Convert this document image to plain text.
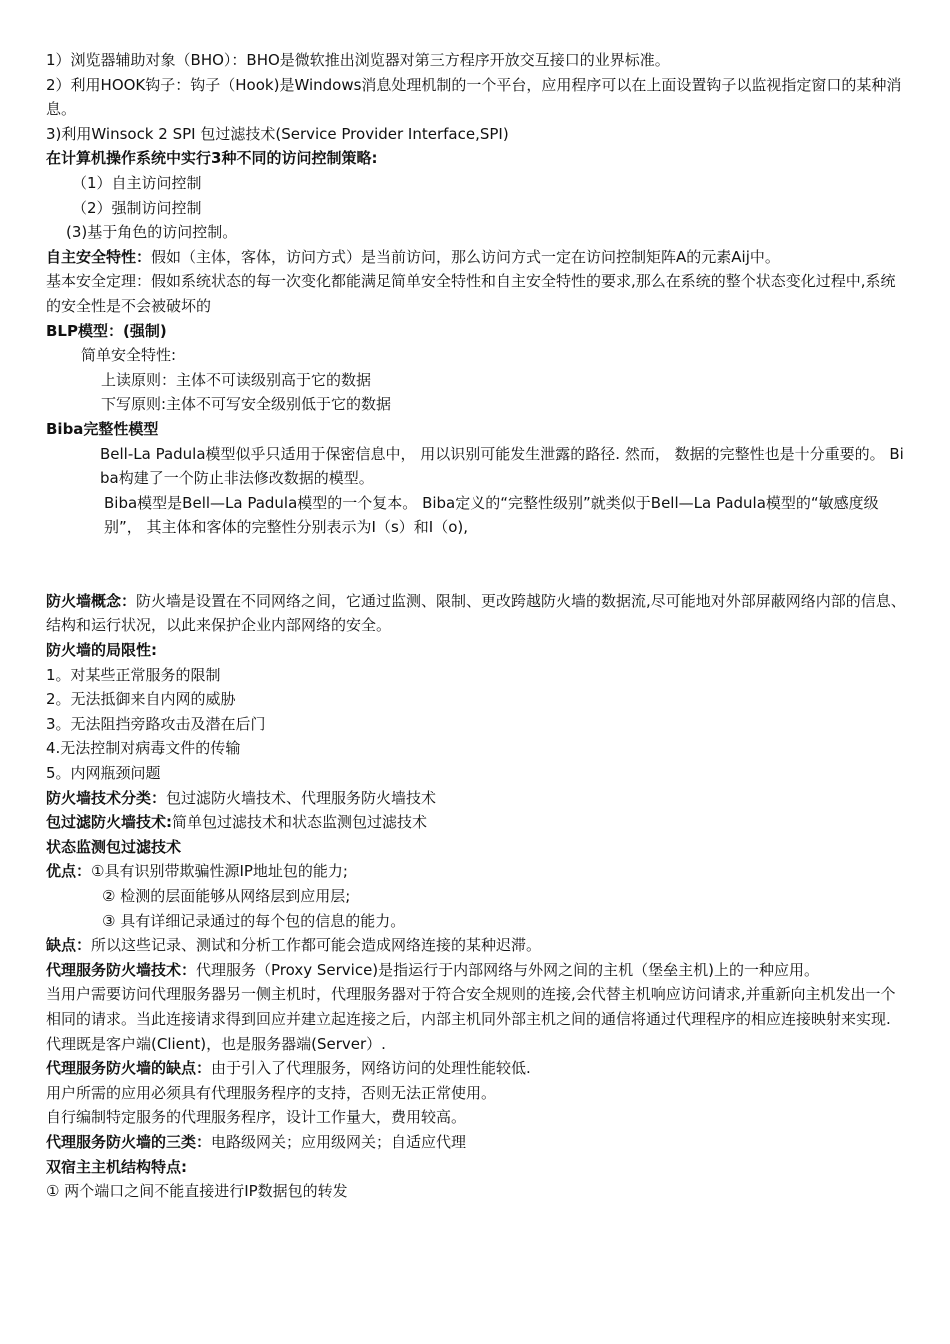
1）浏览器辅助对象（BHO）：BHO是微软推出浏览器对第三方程序开放交互接口的业界标准。

2）利用HOOK钩子：钩子（Hook)是Windows消息处理机制的一个平台，应用程序可以在上面设置钩子以监视指定窗口的某种消息。

3)利用Winsock 2 SPI 包过滤技术(Service Provider Interface,SPI)

在计算机操作系统中实行3种不同的访问控制策略:

（1）自主访问控制

（2）强制访问控制

(3)基于角色的访问控制。

自主安全特性：假如（主体，客体，访问方式）是当前访问，那么访问方式一定在访问控制矩阵A的元素Aij中。

基本安全定理：假如系统状态的每一次变化都能满足简单安全特性和自主安全特性的要求,那么在系统的整个状态变化过程中,系统的安全性是不会被破坏的

BLP模型：(强制)

简单安全特性:

上读原则：主体不可读级别高于它的数据

下写原则:主体不可写安全级别低于它的数据

Biba完整性模型

Bell-La Padula模型似乎只适用于保密信息中， 用以识别可能发生泄露的路径. 然而， 数据的完整性也是十分重要的。 Biba构建了一个防止非法修改数据的模型。

Biba模型是Bell—La Padula模型的一个复本。 Biba定义的“完整性级别”就类似于Bell—La Padula模型的“敏感度级别”， 其主体和客体的完整性分别表示为I（s）和I（o),

防火墙概念：防火墙是设置在不同网络之间，它通过监测、限制、更改跨越防火墙的数据流,尽可能地对外部屏蔽网络内部的信息、结构和运行状况，以此来保护企业内部网络的安全。

防火墙的局限性:

1。对某些正常服务的限制

2。无法抵御来自内网的威胁

3。无法阻挡旁路攻击及潜在后门

4.无法控制对病毒文件的传输

5。内网瓶颈问题

防火墙技术分类：包过滤防火墙技术、代理服务防火墙技术

包过滤防火墙技术:简单包过滤技术和状态监测包过滤技术

状态监测包过滤技术

优点：①具有识别带欺骗性源IP地址包的能力;

② 检测的层面能够从网络层到应用层;

③ 具有详细记录通过的每个包的信息的能力。

缺点：所以这些记录、测试和分析工作都可能会造成网络连接的某种迟滞。

代理服务防火墙技术：代理服务（Proxy Service)是指运行于内部网络与外网之间的主机（堡垒主机)上的一种应用。

当用户需要访问代理服务器另一侧主机时，代理服务器对于符合安全规则的连接,会代替主机响应访问请求,并重新向主机发出一个相同的请求。当此连接请求得到回应并建立起连接之后，内部主机同外部主机之间的通信将通过代理程序的相应连接映射来实现.

代理既是客户端(Client)，也是服务器端(Server）.

代理服务防火墙的缺点：由于引入了代理服务，网络访问的处理性能较低.

用户所需的应用必须具有代理服务程序的支持，否则无法正常使用。

自行编制特定服务的代理服务程序，设计工作量大，费用较高。

代理服务防火墙的三类：电路级网关；应用级网关；自适应代理

双宿主主机结构特点:

① 两个端口之间不能直接进行IP数据包的转发
